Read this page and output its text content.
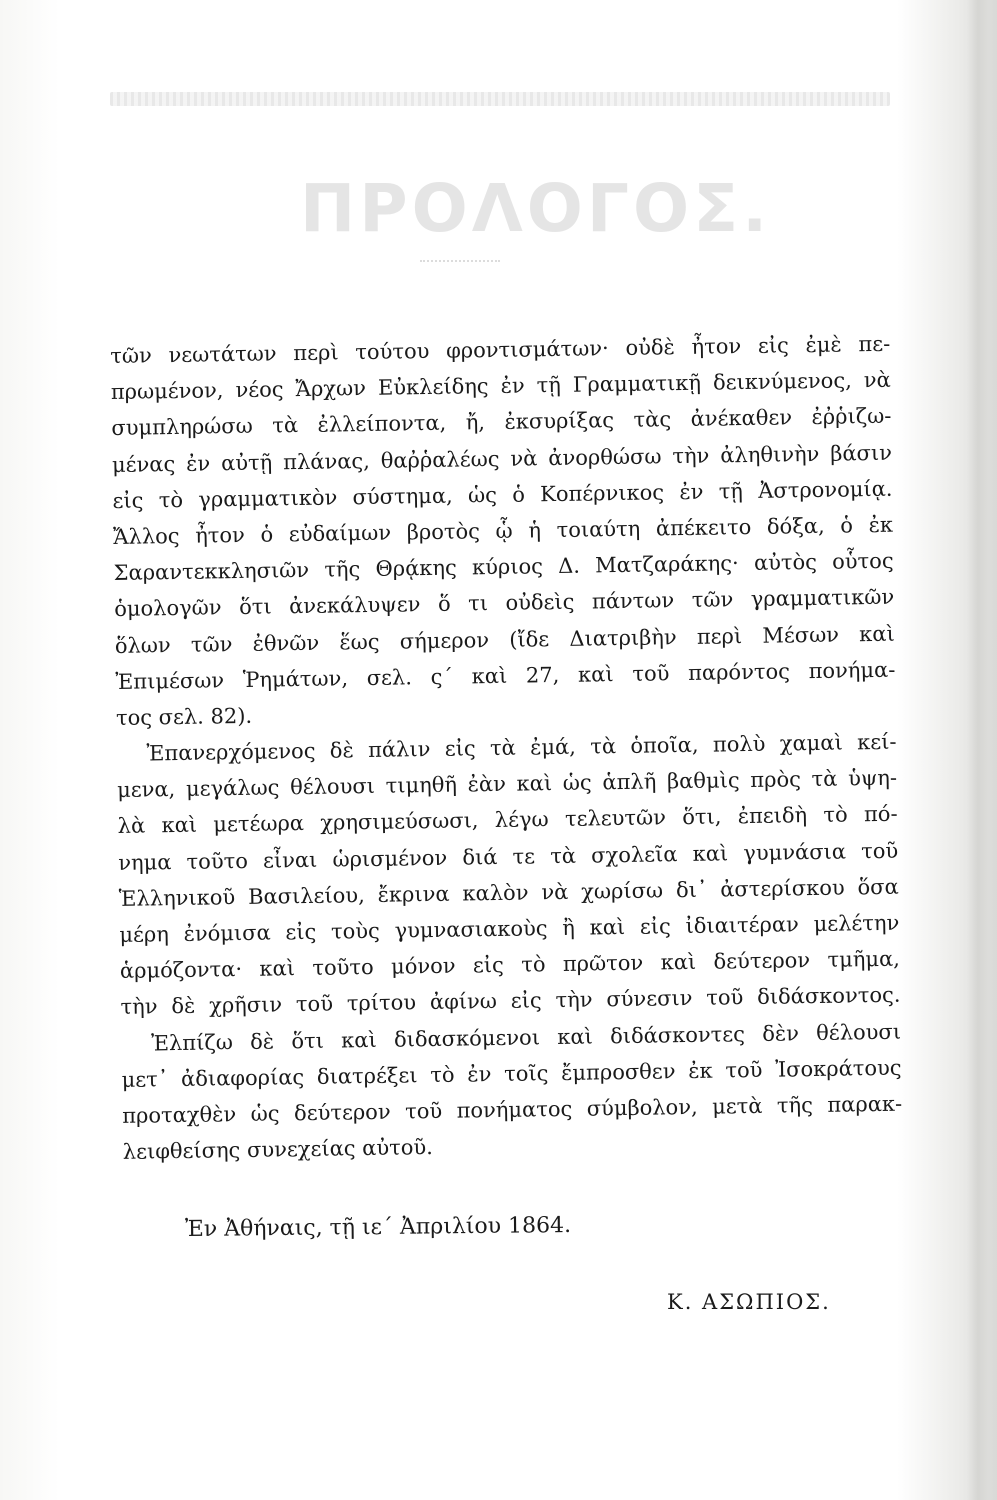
ΠΡΟΛΟΓΟΣ.
τῶν νεωτάτων περὶ τούτου φροντισμάτων· οὐδὲ ἦτον εἰς ἐμὲ πε-
πρωμένον, νέος Ἄρχων Εὐκλείδης ἐν τῇ Γραμματικῇ δεικνύμενος, νὰ
συμπληρώσω τὰ ἐλλείποντα, ἤ, ἐκσυρίξας τὰς ἀνέκαθεν ἐῤῥιζω-
μένας ἐν αὐτῇ πλάνας, θαῤῥαλέως νὰ ἀνορθώσω τὴν ἀληθινὴν βάσιν
εἰς τὸ γραμματικὸν σύστημα, ὡς ὁ Κοπέρνικος ἐν τῇ Ἀστρονομίᾳ.
Ἄλλος ἦτον ὁ εὐδαίμων βροτὸς ᾧ ἡ τοιαύτη ἀπέκειτο δόξα, ὁ ἐκ
Σαραντεκκλησιῶν τῆς Θρᾴκης κύριος Δ. Ματζαράκης· αὐτὸς οὗτος
ὁμολογῶν ὅτι ἀνεκάλυψεν ὅ τι οὐδεὶς πάντων τῶν γραμματικῶν
ὅλων τῶν ἐθνῶν ἕως σήμερον (ἴδε Διατριβὴν περὶ Μέσων καὶ
Ἐπιμέσων Ῥημάτων, σελ. ς΄ καὶ 27, καὶ τοῦ παρόντος πονήμα-
τος σελ. 82).
Ἐπανερχόμενος δὲ πάλιν εἰς τὰ ἐμά, τὰ ὁποῖα, πολὺ χαμαὶ κεί-
μενα, μεγάλως θέλουσι τιμηθῆ ἐὰν καὶ ὡς ἁπλῆ βαθμὶς πρὸς τὰ ὑψη-
λὰ καὶ μετέωρα χρησιμεύσωσι, λέγω τελευτῶν ὅτι, ἐπειδὴ τὸ πό-
νημα τοῦτο εἶναι ὡρισμένον διά τε τὰ σχολεῖα καὶ γυμνάσια τοῦ
Ἑλληνικοῦ Βασιλείου, ἔκρινα καλὸν νὰ χωρίσω δι᾽ ἀστερίσκου ὅσα
μέρη ἐνόμισα εἰς τοὺς γυμνασιακοὺς ἢ καὶ εἰς ἰδιαιτέραν μελέτην
ἁρμόζοντα· καὶ τοῦτο μόνον εἰς τὸ πρῶτον καὶ δεύτερον τμῆμα,
τὴν δὲ χρῆσιν τοῦ τρίτου ἀφίνω εἰς τὴν σύνεσιν τοῦ διδάσκοντος.
Ἐλπίζω δὲ ὅτι καὶ διδασκόμενοι καὶ διδάσκοντες δὲν θέλουσι
μετ᾽ ἀδιαφορίας διατρέξει τὸ ἐν τοῖς ἔμπροσθεν ἐκ τοῦ Ἰσοκράτους
προταχθὲν ὡς δεύτερον τοῦ πονήματος σύμβολον, μετὰ τῆς παρακ-
λειφθείσης συνεχείας αὐτοῦ.
Ἐν Ἀθήναις, τῇ ιε΄ Ἀπριλίου 1864.
Κ. ΑΣΩΠΙΟΣ.
